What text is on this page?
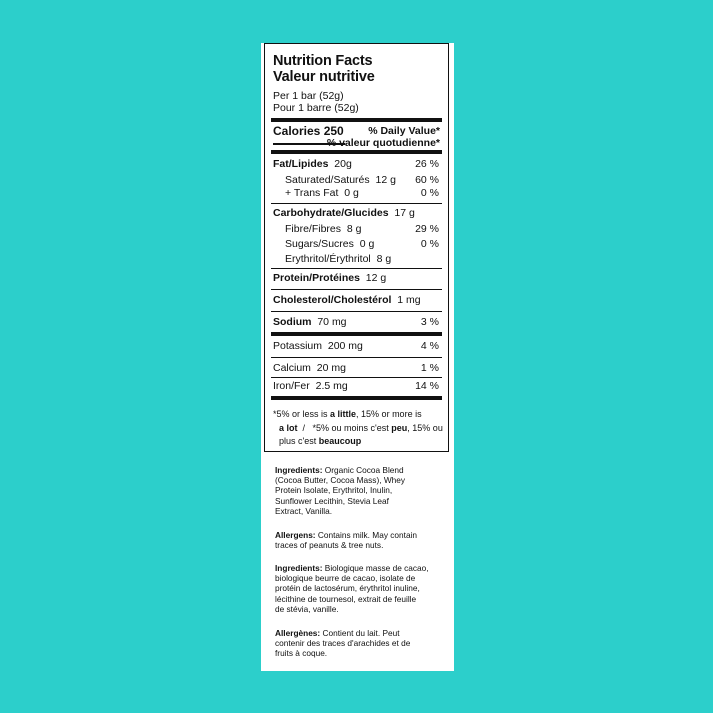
Nutrition Facts
Valeur nutritive
Per 1 bar (52g)
Pour 1 barre (52g)
Calories 250 % Daily Value*
% valeur quotudienne*
Fat/Lipides 20g	26 %
Saturated/Saturés 12 g 60 %
+ Trans Fat 0 g	0 %
Carbohydrate/Glucides 17 g
Fibre/Fibres 8 g	29 %
Sugars/Sucres 0 g	0 %
Erythritol/Érythritol 8 g
Protein/Protéines 12 g
Cholesterol/Cholestérol 1 mg
Sodium 70 mg	3 %
Potassium 200 mg	4 %
Calcium 20 mg	1 %
Iron/Fer 2.5 mg	14 %
*5% or less is a little, 15% or more is
a lot  /   *5% ou moins c'est peu, 15% ou
plus c'est beaucoup
Ingredients: Organic Cocoa Blend
(Cocoa Butter, Cocoa Mass), Whey
Protein Isolate, Erythritol, Inulin,
Sunflower Lecithin, Stevia Leaf
Extract, Vanilla.
Allergens: Contains milk. May contain
traces of peanuts & tree nuts.
Ingredients: Biologique masse de cacao,
biologique beurre de cacao, isolate de
protéin de lactosérum, érythritol inuline,
lécithine de tournesol, extrait de feuille
de stévia, vanille.
Allergènes: Contient du lait. Peut
contenir des traces d'arachides et de
fruits à coque.
